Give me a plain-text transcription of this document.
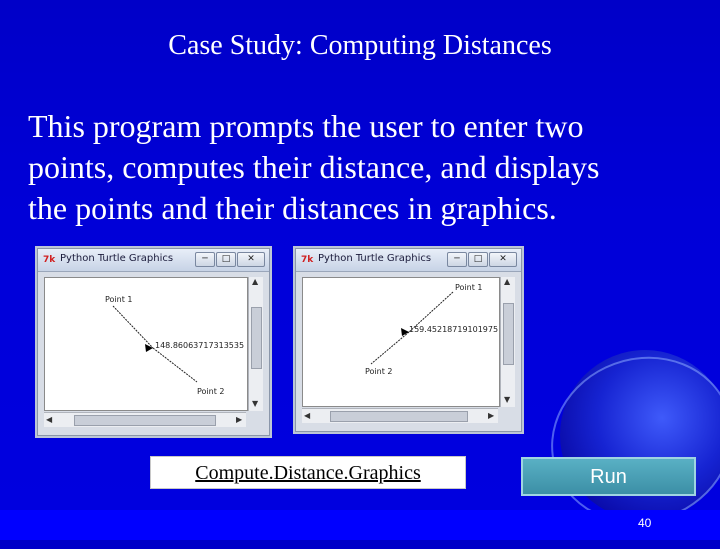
Case Study: Computing Distances
This program prompts the user to enter two
points, computes their distance, and displays
the points and their distances in graphics.
7k Python Turtle Graphics	─	□	✕
Point 1
148.86063717313535
Point 2
▲
▼
◀	▶
7k Python Turtle Graphics	─	□	✕
Point 1
159.45218719101975
Point 2
▲
▼
◀	▶
Compute.Distance.Graphics	Run
40
